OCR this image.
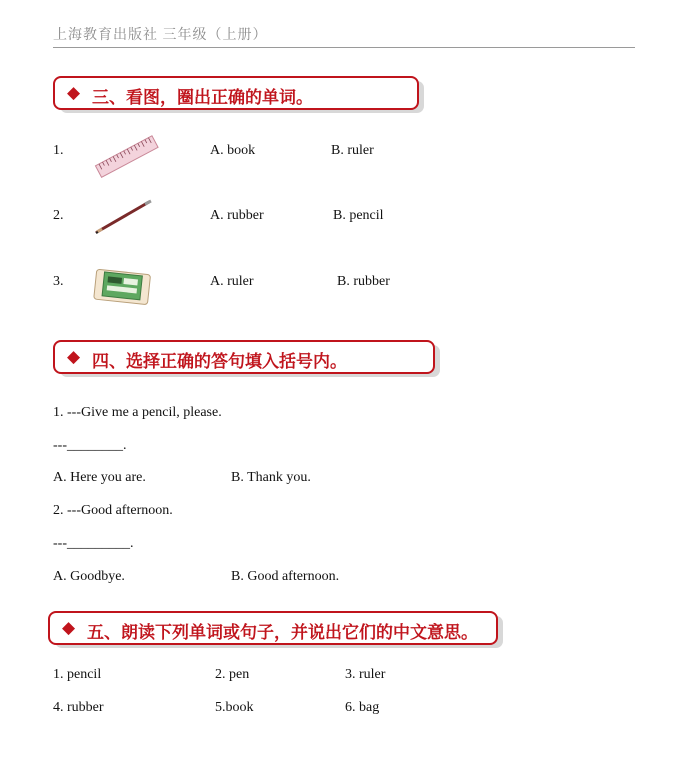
上海教育出版社 三年级（上册）
◆ 三、看图，圈出正确的单词。
1.	A. book	B. ruler
2.	A. rubber	B. pencil
3.	A. ruler	B. rubber
◆ 四、选择正确的答句填入括号内。
1. ---Give me a pencil, please.
---________.
A. Here you are.	B. Thank you.
2. ---Good afternoon.
---_________.
A. Goodbye.	B. Good afternoon.
◆ 五、朗读下列单词或句子，并说出它们的中文意思。
1. pencil	2. pen	3. ruler
4. rubber	5.book	6. bag
